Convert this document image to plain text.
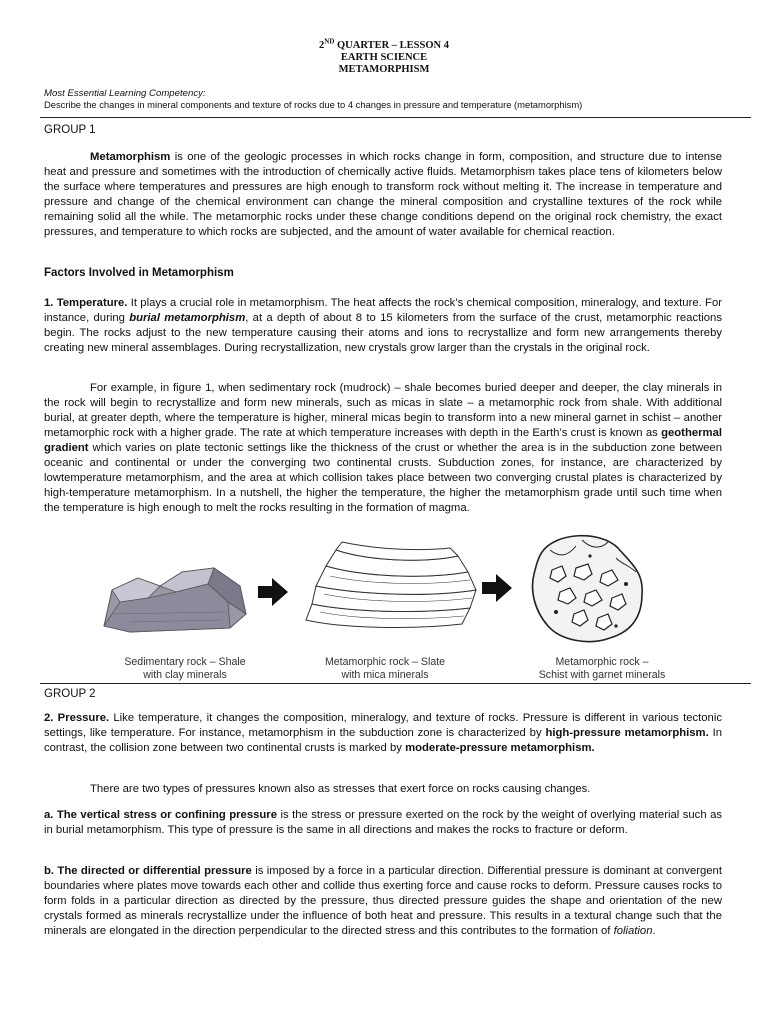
2ND QUARTER – LESSON 4
EARTH SCIENCE
METAMORPHISM
Most Essential Learning Competency:
Describe the changes in mineral components and texture of rocks due to 4 changes in pressure and temperature (metamorphism)
GROUP 1

Metamorphism is one of the geologic processes in which rocks change in form, composition, and structure due to intense heat and pressure and sometimes with the introduction of chemically active fluids. Metamorphism takes place tens of kilometers below the surface where temperatures and pressures are high enough to transform rock without melting it. The increase in temperature and pressure and change of the chemical environment can change the mineral composition and crystalline textures of the rock while remaining solid all the while. The metamorphic rocks under these change conditions depend on the original rock chemistry, the exact pressures, and temperature to which rocks are subjected, and the amount of water available for chemical reaction.

Factors Involved in Metamorphism

1. Temperature. It plays a crucial role in metamorphism. The heat affects the rock’s chemical composition, mineralogy, and texture. For instance, during burial metamorphism, at a depth of about 8 to 15 kilometers from the surface of the crust, metamorphic reactions begin. The rocks adjust to the new temperature causing their atoms and ions to recrystallize and form new arrangements thereby creating new mineral assemblages. During recrystallization, new crystals grow larger than the crystals in the original rock.

For example, in figure 1, when sedimentary rock (mudrock) – shale becomes buried deeper and deeper, the clay minerals in the rock will begin to recrystallize and form new minerals, such as micas in slate – a metamorphic rock from shale. With additional burial, at greater depth, where the temperature is higher, mineral micas begin to transform into a new mineral garnet in schist – another metamorphic rock with a higher grade. The rate at which temperature increases with depth in the Earth’s crust is known as geothermal gradient which varies on plate tectonic settings like the thickness of the crust or whether the area is in the subduction zone between oceanic and continental or under the converging two continental crusts. Subduction zones, for instance, are characterized by lowtemperature metamorphism, and the area at which collision takes place between two converging crustal plates is characterized by high-temperature metamorphism. In a nutshell, the higher the temperature, the higher the metamorphism grade until such time when the temperature is high enough to melt the rocks resulting in the formation of magma.

Sedimentary rock – Shale
with clay minerals
Metamorphic rock – Slate
with mica minerals
Metamorphic rock –
Schist with garnet minerals
GROUP 2

2. Pressure. Like temperature, it changes the composition, mineralogy, and texture of rocks. Pressure is different in various tectonic settings, like temperature. For instance, metamorphism in the subduction zone is characterized by high-pressure metamorphism. In contrast, the collision zone between two continental crusts is marked by moderate-pressure metamorphism.

There are two types of pressures known also as stresses that exert force on rocks causing changes.

a. The vertical stress or confining pressure is the stress or pressure exerted on the rock by the weight of overlying material such as in burial metamorphism. This type of pressure is the same in all directions and makes the rocks to fracture or deform.

b. The directed or differential pressure is imposed by a force in a particular direction. Differential pressure is dominant at convergent boundaries where plates move towards each other and collide thus exerting force and cause rocks to deform. Pressure causes rocks to form folds in a particular direction as directed by the pressure, thus directed pressure guides the shape and orientation of the new crystals formed as minerals recrystallize under the influence of both heat and pressure. This results in a textural change such that the minerals are elongated in the direction perpendicular to the directed stress and this contributes to the formation of foliation.
